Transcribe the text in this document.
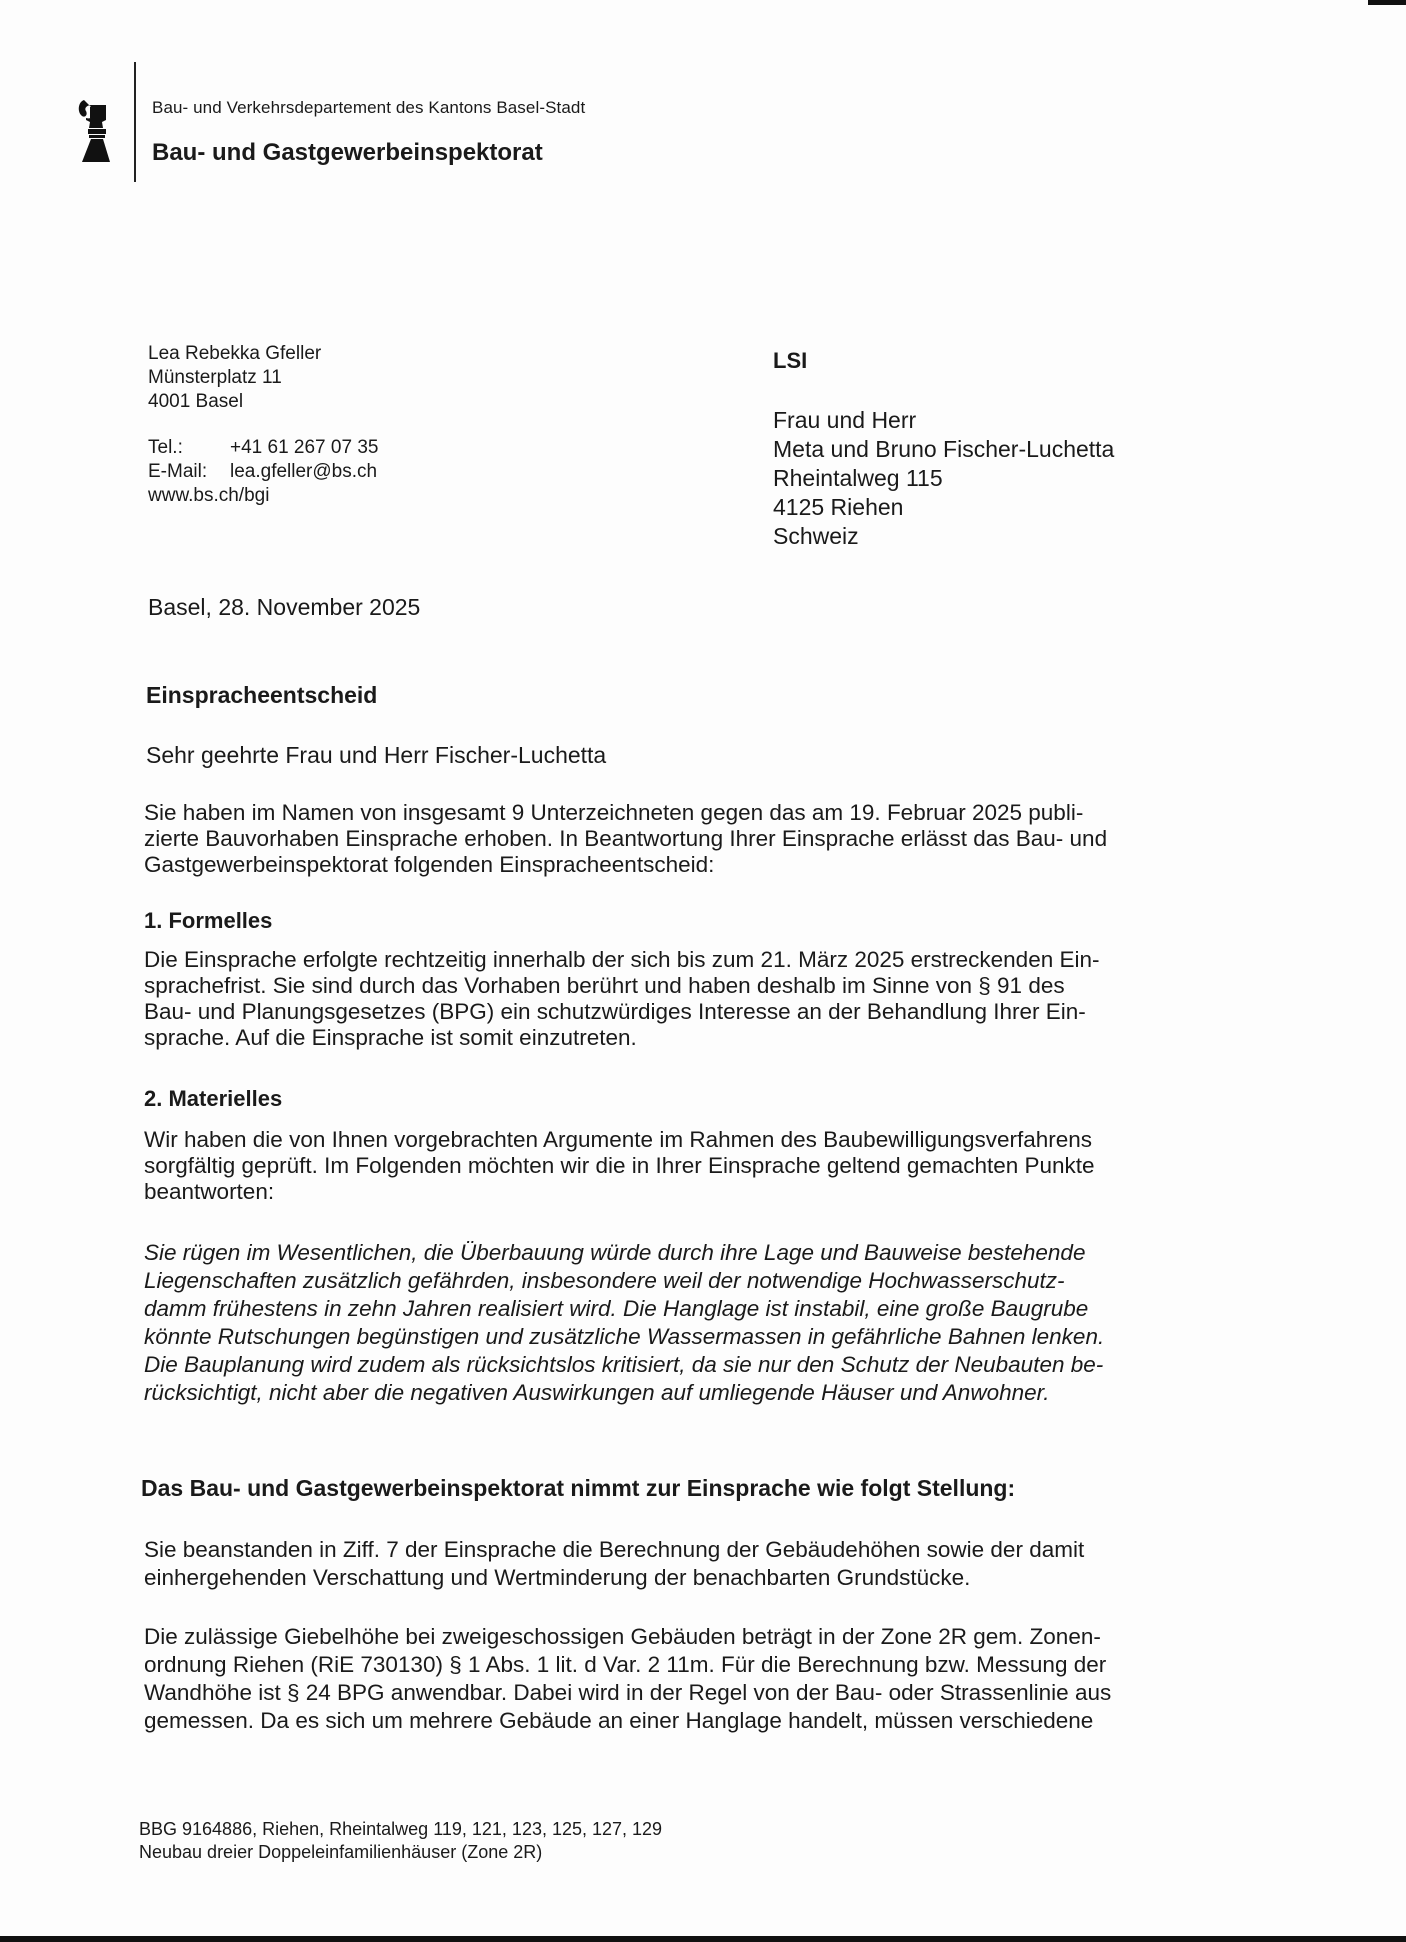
Bau- und Verkehrsdepartement des Kantons Basel-Stadt
Bau- und Gastgewerbeinspektorat
Lea Rebekka Gfeller
Münsterplatz 11
4001 Basel
Tel.:	+41 61 267 07 35
E-Mail:	lea.gfeller@bs.ch
www.bs.ch/bgi
LSI
Frau und Herr
Meta und Bruno Fischer-Luchetta
Rheintalweg 115
4125 Riehen
Schweiz
Basel, 28. November 2025
Einspracheentscheid
Sehr geehrte Frau und Herr Fischer-Luchetta
Sie haben im Namen von insgesamt 9 Unterzeichneten gegen das am 19. Februar 2025 publi-
zierte Bauvorhaben Einsprache erhoben. In Beantwortung Ihrer Einsprache erlässt das Bau- und
Gastgewerbeinspektorat folgenden Einspracheentscheid:
1. Formelles
Die Einsprache erfolgte rechtzeitig innerhalb der sich bis zum 21. März 2025 erstreckenden Ein-
sprachefrist. Sie sind durch das Vorhaben berührt und haben deshalb im Sinne von § 91 des
Bau- und Planungsgesetzes (BPG) ein schutzwürdiges Interesse an der Behandlung Ihrer Ein-
sprache. Auf die Einsprache ist somit einzutreten.
2. Materielles
Wir haben die von Ihnen vorgebrachten Argumente im Rahmen des Baubewilligungsverfahrens
sorgfältig geprüft. Im Folgenden möchten wir die in Ihrer Einsprache geltend gemachten Punkte
beantworten:
Sie rügen im Wesentlichen, die Überbauung würde durch ihre Lage und Bauweise bestehende
Liegenschaften zusätzlich gefährden, insbesondere weil der notwendige Hochwasserschutz-
damm frühestens in zehn Jahren realisiert wird. Die Hanglage ist instabil, eine große Baugrube
könnte Rutschungen begünstigen und zusätzliche Wassermassen in gefährliche Bahnen lenken.
Die Bauplanung wird zudem als rücksichtslos kritisiert, da sie nur den Schutz der Neubauten be-
rücksichtigt, nicht aber die negativen Auswirkungen auf umliegende Häuser und Anwohner.
Das Bau- und Gastgewerbeinspektorat nimmt zur Einsprache wie folgt Stellung:
Sie beanstanden in Ziff. 7 der Einsprache die Berechnung der Gebäudehöhen sowie der damit
einhergehenden Verschattung und Wertminderung der benachbarten Grundstücke.
Die zulässige Giebelhöhe bei zweigeschossigen Gebäuden beträgt in der Zone 2R gem. Zonen-
ordnung Riehen (RiE 730130) § 1 Abs. 1 lit. d Var. 2 11m. Für die Berechnung bzw. Messung der
Wandhöhe ist § 24 BPG anwendbar. Dabei wird in der Regel von der Bau- oder Strassenlinie aus
gemessen. Da es sich um mehrere Gebäude an einer Hanglage handelt, müssen verschiedene
BBG 9164886, Riehen, Rheintalweg 119, 121, 123, 125, 127, 129
Neubau dreier Doppeleinfamilienhäuser (Zone 2R)
